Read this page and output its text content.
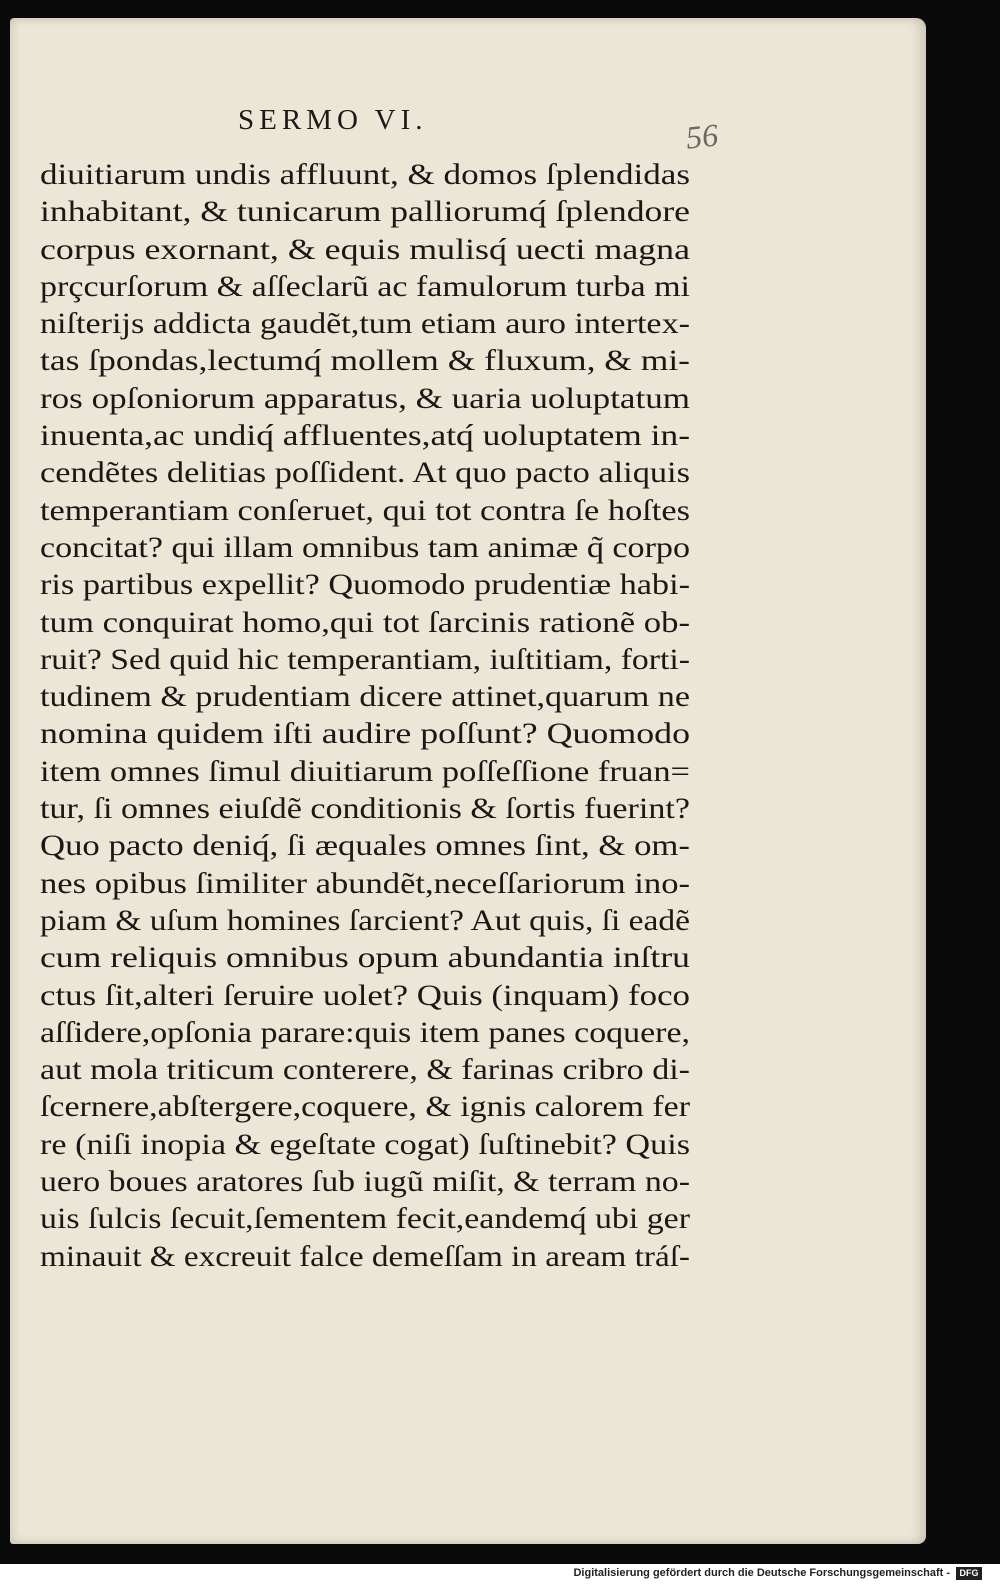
SERMO VI.	56
diuitiarum undis affluunt, & domos ſplendidas
inhabitant, & tunicarum palliorumq́ ſplendore
corpus exornant, & equis mulisq́ uecti magna
prçcurſorum & aſſeclarũ ac famulorum turba mi
niſterijs addicta gaudẽt,tum etiam auro intertex-
tas ſpondas,lectumq́ mollem & fluxum, & mi-
ros opſoniorum apparatus, & uaria uoluptatum
inuenta,ac undiq́ affluentes,atq́ uoluptatem in-
cendẽtes delitias poſſident. At quo pacto aliquis
temperantiam conſeruet, qui tot contra ſe hoſtes
concitat? qui illam omnibus tam animæ q̃ corpo
ris partibus expellit? Quomodo prudentiæ habi-
tum conquirat homo,qui tot ſarcinis rationẽ ob-
ruit? Sed quid hic temperantiam, iuſtitiam, forti-
tudinem & prudentiam dicere attinet,quarum ne
nomina quidem iſti audire poſſunt? Quomodo
item omnes ſimul diuitiarum poſſeſſione fruan=
tur, ſi omnes eiuſdẽ conditionis & ſortis fuerint?
Quo pacto deniq́, ſi æquales omnes ſint, & om-
nes opibus ſimiliter abundẽt,neceſſariorum ino-
piam & uſum homines ſarcient? Aut quis, ſi eadẽ
cum reliquis omnibus opum abundantia inſtru
ctus ſit,alteri ſeruire uolet? Quis (inquam) foco
aſſidere,opſonia parare:quis item panes coquere,
aut mola triticum conterere, & farinas cribro di-
ſcernere,abſtergere,coquere, & ignis calorem fer
re (niſi inopia & egeſtate cogat) ſuſtinebit? Quis
uero boues aratores ſub iugũ miſit, & terram no-
uis ſulcis ſecuit,ſementem fecit,eandemq́ ubi ger
minauit & excreuit falce demeſſam in aream tráſ-
Digitalisierung gefördert durch die Deutsche Forschungsgemeinschaft -	DFG
